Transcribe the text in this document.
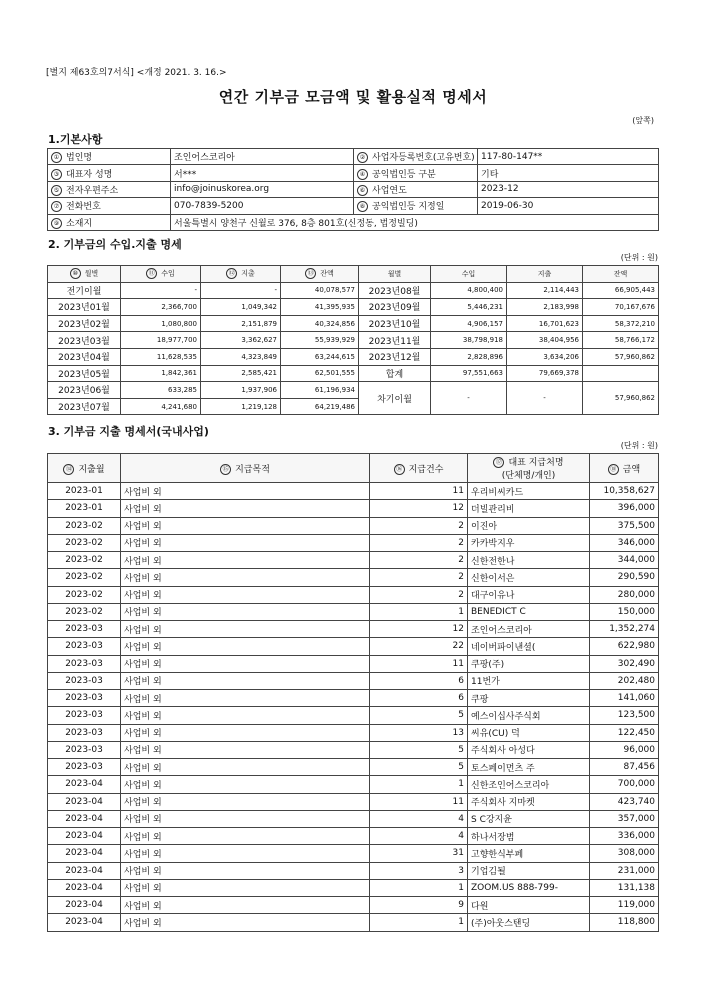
[별지 제63호의7서식] <개정 2021. 3. 16.>
연간 기부금 모금액 및 활용실적 명세서
(앞쪽)
1.기본사항
① 법인명	조인어스코리아	② 사업자등록번호(고유번호)	117-80-147**
③ 대표자 성명	서***	④ 공익법인등 구분	기타
⑤ 전자우편주소	info@joinuskorea.org	⑥ 사업연도	2023-12
⑦ 전화번호	070-7839-5200	⑧ 공익법인등 지정일	2019-06-30
⑨ 소재지	서울특별시 양천구 신월로 376, 8층 801호(신정동, 법정빌딩)		
2. 기부금의 수입.지출 명세
(단위 : 원)
⑩ 월별	⑪ 수입	⑫ 지출	⑬ 잔액	월별	수입	지출	잔액
전기이월	-	-	40,078,577	2023년08월	4,800,400	2,114,443	66,905,443
2023년01월	2,366,700	1,049,342	41,395,935	2023년09월	5,446,231	2,183,998	70,167,676
2023년02월	1,080,800	2,151,879	40,324,856	2023년10월	4,906,157	16,701,623	58,372,210
2023년03월	18,977,700	3,362,627	55,939,929	2023년11월	38,798,918	38,404,956	58,766,172
2023년04월	11,628,535	4,323,849	63,244,615	2023년12월	2,828,896	3,634,206	57,960,862
2023년05월	1,842,361	2,585,421	62,501,555	합계	97,551,663	79,669,378	
2023년06월	633,285	1,937,906	61,196,934	차기이월	-	-	57,960,862
2023년07월	4,241,680	1,219,128	64,219,486				
3. 기부금 지출 명세서(국내사업)
(단위 : 원)
⑭ 지출월	⑮ 지급목적	⑯ 지급건수	⑰ 대표 지급처명
(단체명/개인)	⑱ 금액
2023-01	사업비 외	11	우리비씨카드	10,358,627
2023-01	사업비 외	12	더빌관리비	396,000
2023-02	사업비 외	2	이진아	375,500
2023-02	사업비 외	2	카카박지우	346,000
2023-02	사업비 외	2	신한전한나	344,000
2023-02	사업비 외	2	신한이서은	290,590
2023-02	사업비 외	2	대구이유나	280,000
2023-02	사업비 외	1	BENEDICT C	150,000
2023-03	사업비 외	12	조인어스코리아	1,352,274
2023-03	사업비 외	22	네이버파이낸셜(	622,980
2023-03	사업비 외	11	쿠팡(주)	302,490
2023-03	사업비 외	6	11번가	202,480
2023-03	사업비 외	6	쿠팡	141,060
2023-03	사업비 외	5	예스이십사주식회	123,500
2023-03	사업비 외	13	씨유(CU) 덕	122,450
2023-03	사업비 외	5	주식회사 아성다	96,000
2023-03	사업비 외	5	토스페이먼츠 주	87,456
2023-04	사업비 외	1	신한조인어스코리아	700,000
2023-04	사업비 외	11	주식회사 지마켓	423,740
2023-04	사업비 외	4	S C강지윤	357,000
2023-04	사업비 외	4	하나서장범	336,000
2023-04	사업비 외	31	고향한식부페	308,000
2023-04	사업비 외	3	기업김될	231,000
2023-04	사업비 외	1	ZOOM.US 888-799-	131,138
2023-04	사업비 외	9	다원	119,000
2023-04	사업비 외	1	(주)아웃스탠딩	118,800
